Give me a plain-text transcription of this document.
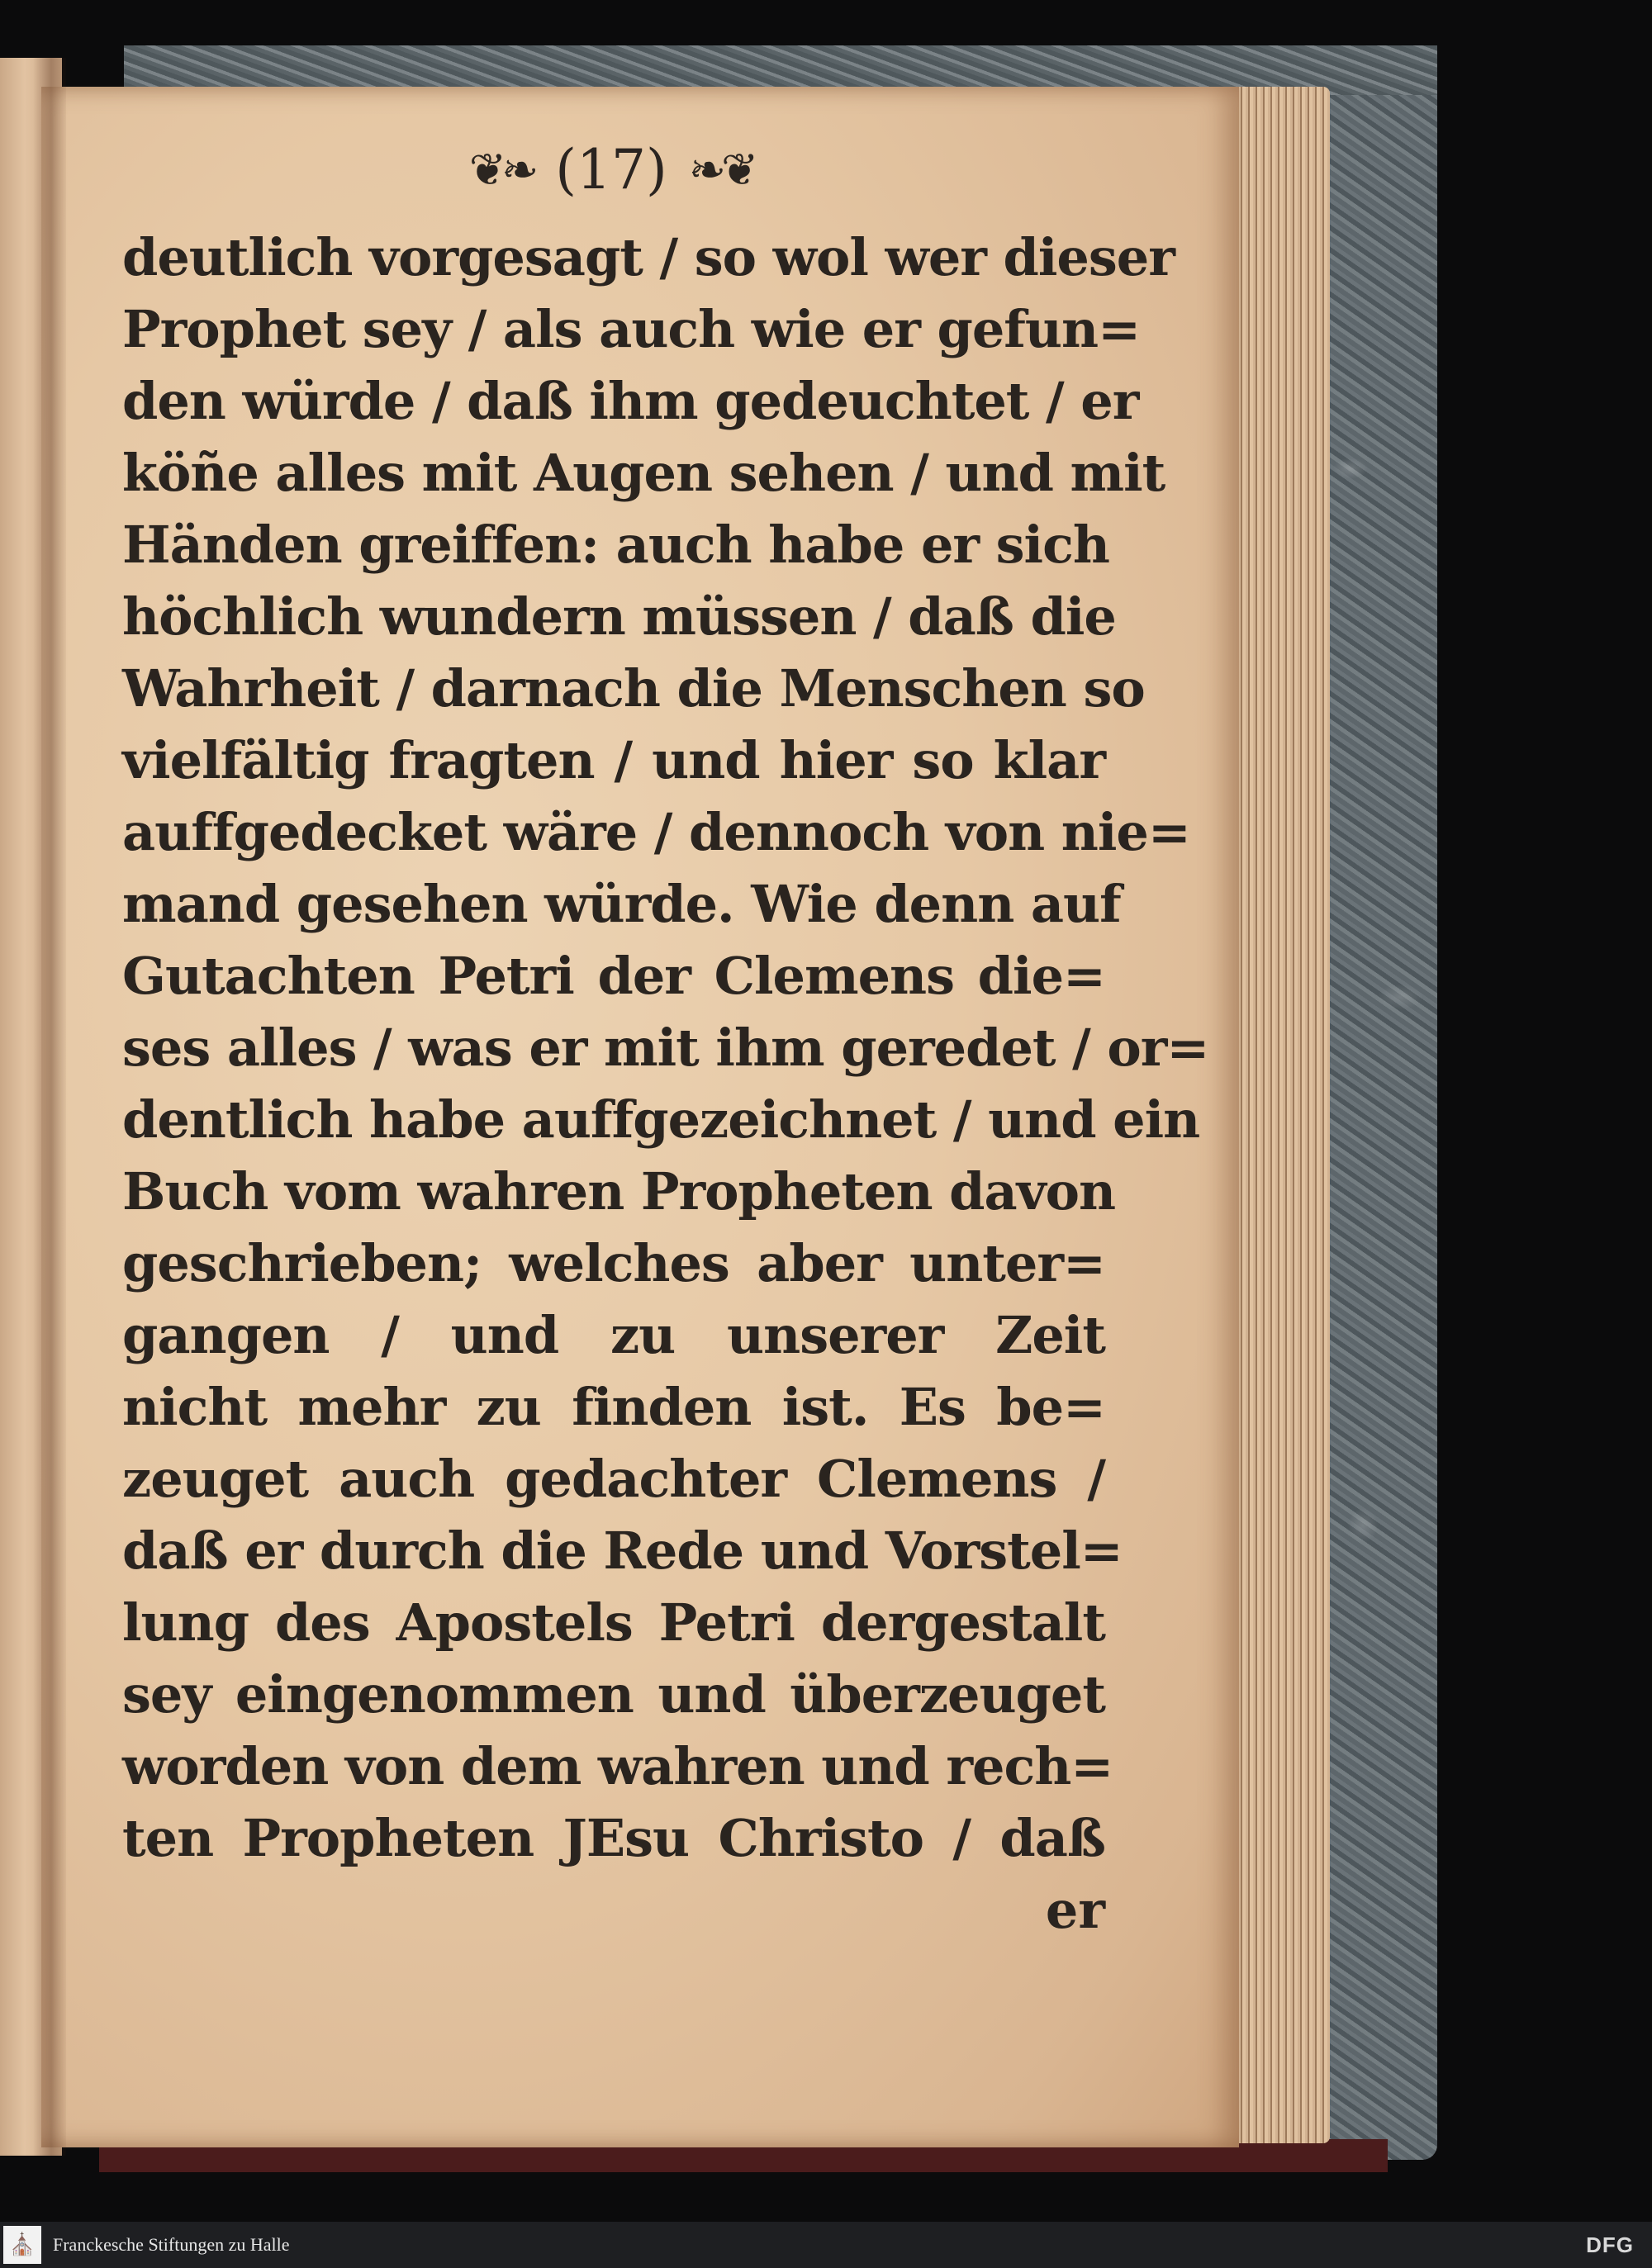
❦❧ (17) ❧❦
deutlich vorgesagt / so wol wer dieser
Prophet sey / als auch wie er gefun=
den würde / daß ihm gedeuchtet / er
köñe alles mit Augen sehen / und mit
Händen greiffen: auch habe er sich
höchlich wundern müssen / daß die
Wahrheit / darnach die Menschen so
vielfältig fragten / und hier so klar
auffgedecket wäre / dennoch von nie=
mand gesehen würde. Wie denn auf
Gutachten Petri der Clemens die=
ses alles / was er mit ihm geredet / or=
dentlich habe auffgezeichnet / und ein
Buch vom wahren Propheten davon
geschrieben; welches aber unter=
gangen / und zu unserer Zeit
nicht mehr zu finden ist. Es be=
zeuget auch gedachter Clemens /
daß er durch die Rede und Vorstel=
lung des Apostels Petri dergestalt
sey eingenommen und überzeuget
worden von dem wahren und rech=
ten Propheten JEsu Christo / daß
er
⛪ Franckesche Stiftungen zu Halle	DFG
